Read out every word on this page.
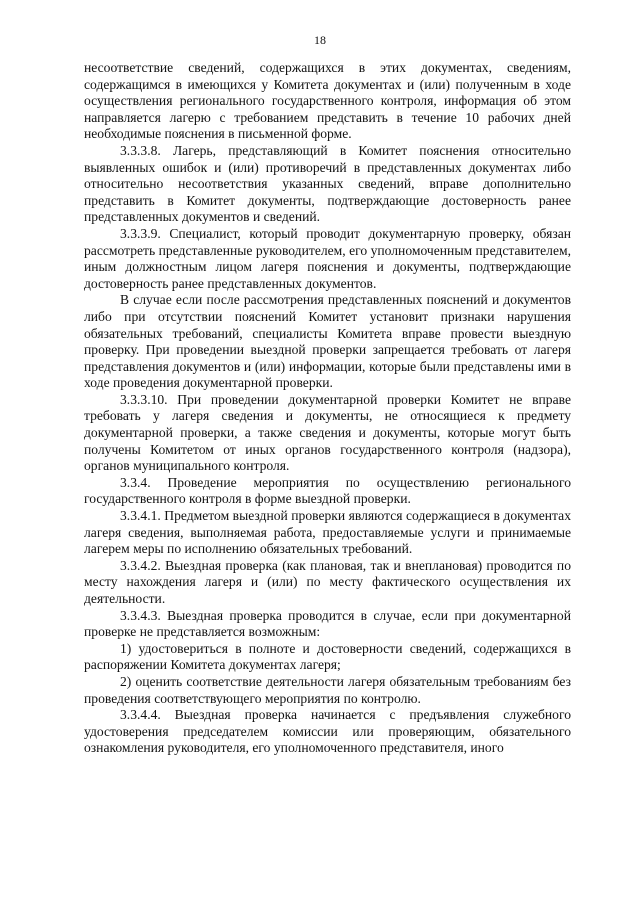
18

несоответствие сведений, содержащихся в этих документах, сведениям, содержащимся в имеющихся у Комитета документах и (или) полученным в ходе осуществления регионального государственного контроля, информация об этом направляется лагерю с требованием представить в течение 10 рабочих дней необходимые пояснения в письменной форме.

3.3.3.8. Лагерь, представляющий в Комитет пояснения относительно выявленных ошибок и (или) противоречий в представленных документах либо относительно несоответствия указанных сведений, вправе дополнительно представить в Комитет документы, подтверждающие достоверность ранее представленных документов и сведений.

3.3.3.9. Специалист, который проводит документарную проверку, обязан рассмотреть представленные руководителем, его уполномоченным представителем, иным должностным лицом лагеря пояснения и документы, подтверждающие достоверность ранее представленных документов.

В случае если после рассмотрения представленных пояснений и документов либо при отсутствии пояснений Комитет установит признаки нарушения обязательных требований, специалисты Комитета вправе провести выездную проверку. При проведении выездной проверки запрещается требовать от лагеря представления документов и (или) информации, которые были представлены ими в ходе проведения документарной проверки.

3.3.3.10. При проведении документарной проверки Комитет не вправе требовать у лагеря сведения и документы, не относящиеся к предмету документарной проверки, а также сведения и документы, которые могут быть получены Комитетом от иных органов государственного контроля (надзора), органов муниципального контроля.

3.3.4. Проведение мероприятия по осуществлению регионального государственного контроля в форме выездной проверки.

3.3.4.1. Предметом выездной проверки являются содержащиеся в документах лагеря сведения, выполняемая работа, предоставляемые услуги и принимаемые лагерем меры по исполнению обязательных требований.

3.3.4.2. Выездная проверка (как плановая, так и внеплановая) проводится по месту нахождения лагеря и (или) по месту фактического осуществления их деятельности.

3.3.4.3. Выездная проверка проводится в случае, если при документарной проверке не представляется возможным:

1) удостовериться в полноте и достоверности сведений, содержащихся в распоряжении Комитета документах лагеря;

2) оценить соответствие деятельности лагеря обязательным требованиям без проведения соответствующего мероприятия по контролю.

3.3.4.4. Выездная проверка начинается с предъявления служебного удостоверения председателем комиссии или проверяющим, обязательного ознакомления руководителя, его уполномоченного представителя, иного
